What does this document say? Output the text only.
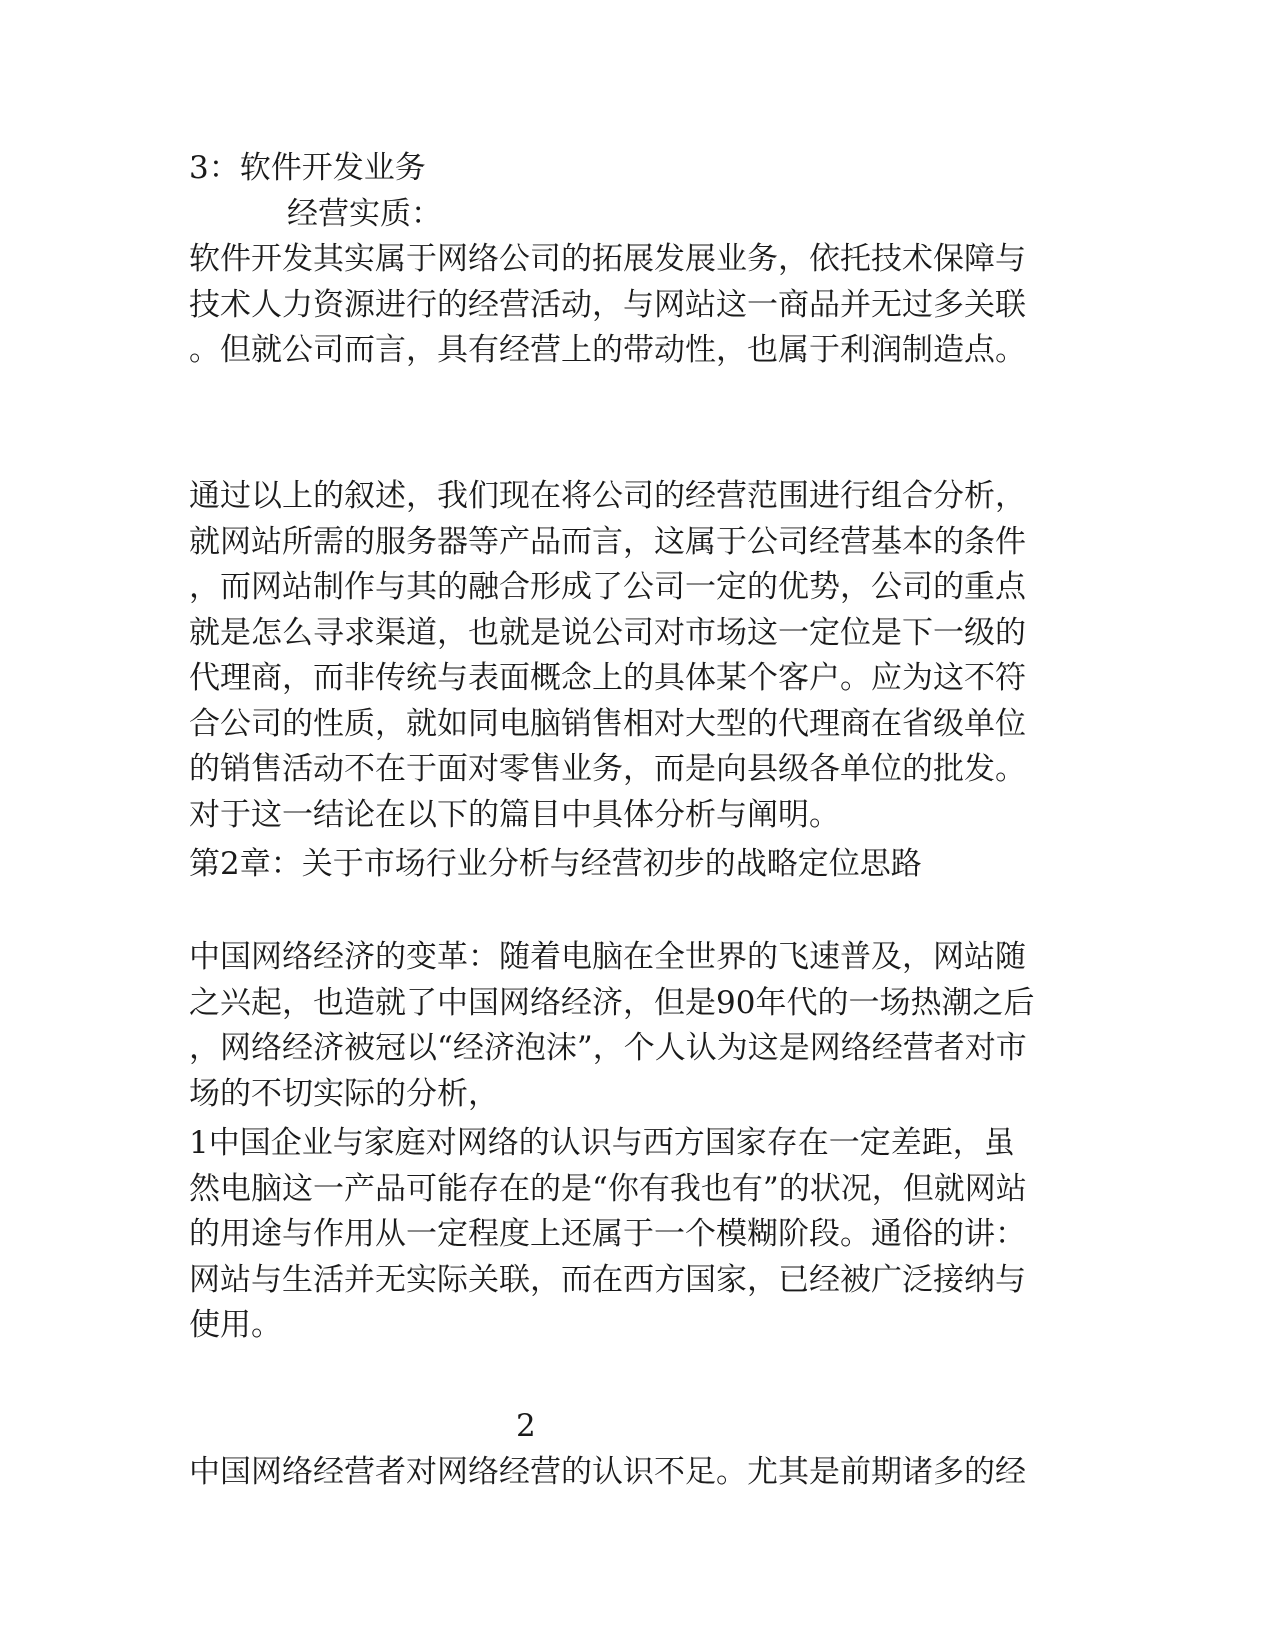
3：软件开发业务
经营实质：
软件开发其实属于网络公司的拓展发展业务，依托技术保障与
技术人力资源进行的经营活动，与网站这一商品并无过多关联
。但就公司而言，具有经营上的带动性，也属于利润制造点。
通过以上的叙述，我们现在将公司的经营范围进行组合分析，
就网站所需的服务器等产品而言，这属于公司经营基本的条件
，而网站制作与其的融合形成了公司一定的优势，公司的重点
就是怎么寻求渠道，也就是说公司对市场这一定位是下一级的
代理商，而非传统与表面概念上的具体某个客户。应为这不符
合公司的性质，就如同电脑销售相对大型的代理商在省级单位
的销售活动不在于面对零售业务，而是向县级各单位的批发。
对于这一结论在以下的篇目中具体分析与阐明。
第2章：关于市场行业分析与经营初步的战略定位思路
中国网络经济的变革：随着电脑在全世界的飞速普及，网站随
之兴起，也造就了中国网络经济，但是90年代的一场热潮之后
，网络经济被冠以“经济泡沫”，个人认为这是网络经营者对市
场的不切实际的分析，
1中国企业与家庭对网络的认识与西方国家存在一定差距，虽
然电脑这一产品可能存在的是“你有我也有”的状况，但就网站
的用途与作用从一定程度上还属于一个模糊阶段。通俗的讲：
网站与生活并无实际关联，而在西方国家，已经被广泛接纳与
使用。
2
中国网络经营者对网络经营的认识不足。尤其是前期诸多的经
